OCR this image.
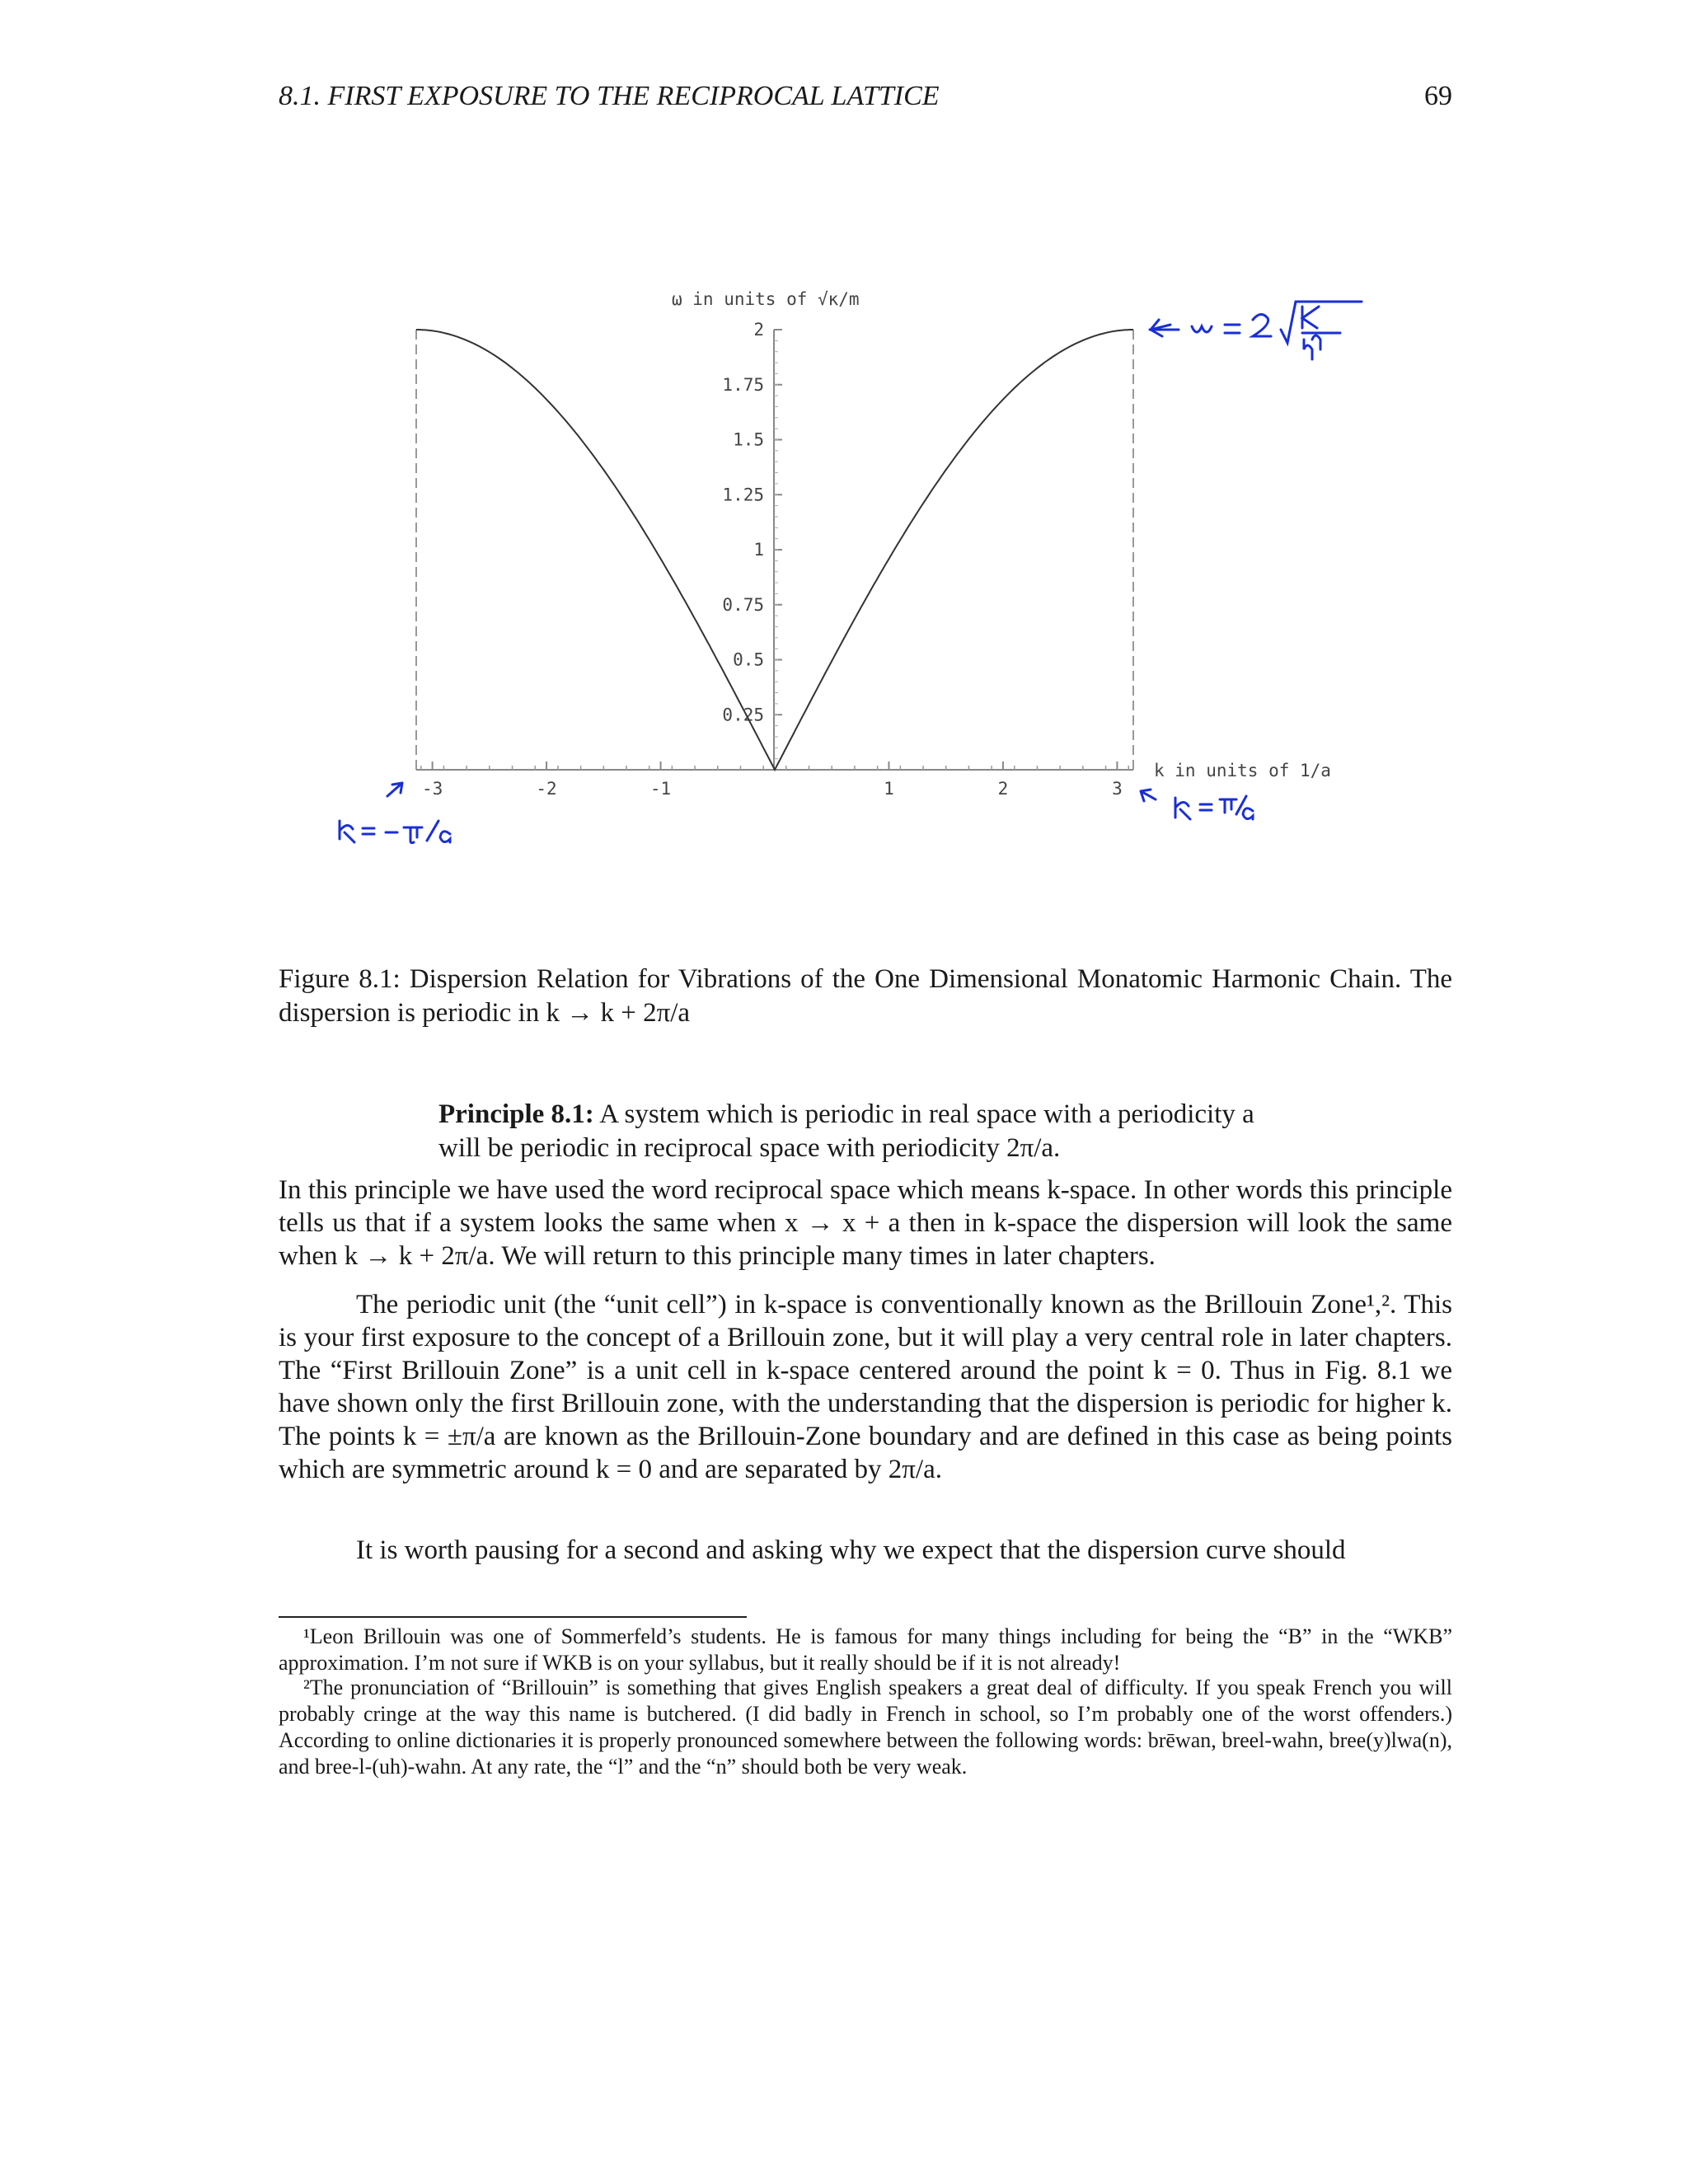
8.1. FIRST EXPOSURE TO THE RECIPROCAL LATTICE	69
ω in units of √κ/m
k in units of 1/a
-3	-2	-1	1	2	3
2
1.75
1.5
1.25
1
0.75
0.5
0.25
Figure 8.1: Dispersion Relation for Vibrations of the One Dimensional Monatomic Harmonic Chain. The dispersion is periodic in k → k + 2π/a
Principle 8.1: A system which is periodic in real space with a periodicity a will be periodic in reciprocal space with periodicity 2π/a.

In this principle we have used the word reciprocal space which means k-space. In other words this principle tells us that if a system looks the same when x → x + a then in k-space the dispersion will look the same when k → k + 2π/a. We will return to this principle many times in later chapters.

The periodic unit (the “unit cell”) in k-space is conventionally known as the Brillouin Zone¹,². This is your first exposure to the concept of a Brillouin zone, but it will play a very central role in later chapters. The “First Brillouin Zone” is a unit cell in k-space centered around the point k = 0. Thus in Fig. 8.1 we have shown only the first Brillouin zone, with the understanding that the dispersion is periodic for higher k. The points k = ±π/a are known as the Brillouin-Zone boundary and are defined in this case as being points which are symmetric around k = 0 and are separated by 2π/a.

It is worth pausing for a second and asking why we expect that the dispersion curve should

¹Leon Brillouin was one of Sommerfeld’s students. He is famous for many things including for being the “B” in the “WKB” approximation. I’m not sure if WKB is on your syllabus, but it really should be if it is not already!

²The pronunciation of “Brillouin” is something that gives English speakers a great deal of difficulty. If you speak French you will probably cringe at the way this name is butchered. (I did badly in French in school, so I’m probably one of the worst offenders.) According to online dictionaries it is properly pronounced somewhere between the following words: brēwan, breel-wahn, bree(y)lwa(n), and bree-l-(uh)-wahn. At any rate, the “l” and the “n” should both be very weak.
